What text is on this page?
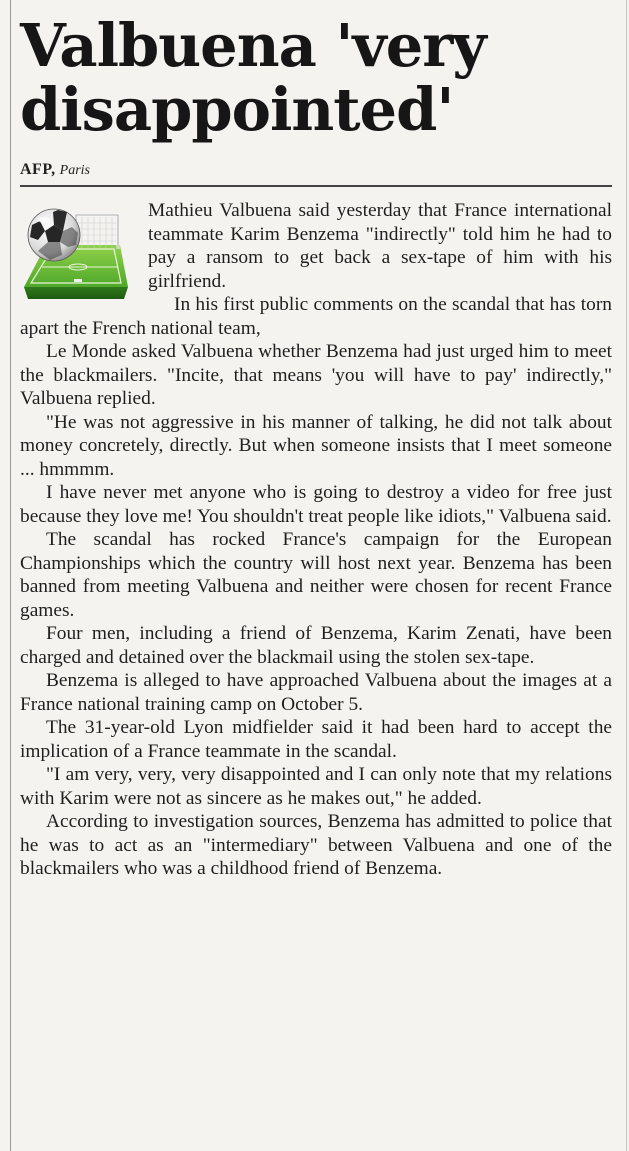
Valbuena 'very disappointed'
AFP, Paris

Mathieu Valbuena said yesterday that France international teammate Karim Benzema "indirectly" told him he had to pay a ransom to get back a sex-tape of him with his girlfriend.

In his first public comments on the scandal that has torn apart the French national team,

Le Monde asked Valbuena whether Benzema had just urged him to meet the blackmailers. "Incite, that means 'you will have to pay' indirectly," Valbuena replied.

"He was not aggressive in his manner of talking, he did not talk about money concretely, directly. But when someone insists that I meet someone ... hmmmm.

I have never met anyone who is going to destroy a video for free just because they love me! You shouldn't treat people like idiots," Valbuena said.

The scandal has rocked France's campaign for the European Championships which the country will host next year. Benzema has been banned from meeting Valbuena and neither were chosen for recent France games.

Four men, including a friend of Benzema, Karim Zenati, have been charged and detained over the blackmail using the stolen sex-tape.

Benzema is alleged to have approached Valbuena about the images at a France national training camp on October 5.

The 31-year-old Lyon midfielder said it had been hard to accept the implication of a France teammate in the scandal.

"I am very, very, very disappointed and I can only note that my relations with Karim were not as sincere as he makes out," he added.

According to investigation sources, Benzema has admitted to police that he was to act as an "intermediary" between Valbuena and one of the blackmailers who was a childhood friend of Benzema.
